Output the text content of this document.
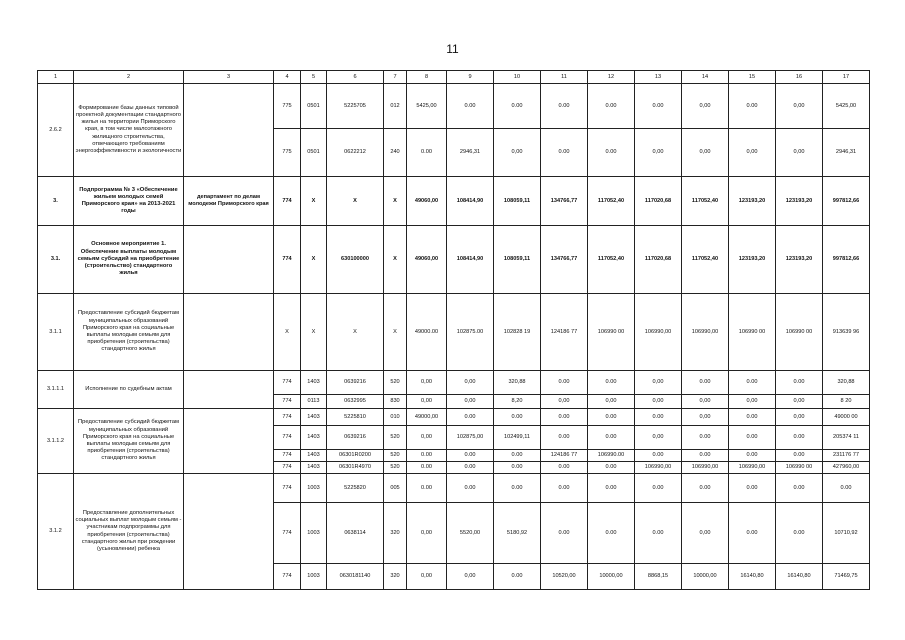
11
1	2	3	4	5	6	7	8	9	10	11	12	13	14	15	16	17
2.6.2	Формирование базы данных типовой проектной документации стандартного жилья на территории Приморского края, в том числе малоэтажного жилищного строительства, отвечающего требованиям энергоэффективности и экологичности		775	0501	5225705	012	5425,00	0.00	0.00	0.00	0.00	0.00	0,00	0.00	0,00	5425,00
			775	0501	0622212	240	0.00	2946,31	0,00	0.00	0.00	0,00	0,00	0,00	0,00	2946,31
3.	Подпрограмма № 3 «Обеспечение жильем молодых семей Приморского края» на 2013-2021 годы	департамент по делам молодежи Приморского края	774	X	X	X	49060,00	108414,90	108059,11	134766,77	117052,40	117020,68	117052,40	123193,20	123193,20	997812,66
3.1.	Основное мероприятие 1. Обеспечение выплаты молодым семьям субсидий на приобретение (строительство) стандартного жилья		774	X	630100000	X	49060,00	108414,90	108059,11	134766,77	117052,40	117020,68	117052,40	123193,20	123193,20	997812,66
3.1.1	Предоставление субсидий бюджетам муниципальных образований Приморского края на социальные выплаты молодым семьям для приобретения (строительства) стандартного жилья		X	X	X	X	49000.00	102875.00	102828 19	124186 77	106990 00	106990,00	106990,00	106990 00	106990 00	913639 96
3.1.1.1	Исполнение по судебным актам		774	1403	0639216	520	0,00	0,00	320,88	0.00	0.00	0,00	0.00	0.00	0.00	320,88
			774	0113	0632995	830	0,00	0,00	8,20	0,00	0,00	0,00	0,00	0,00	0,00	8 20
3.1.1.2	Предоставление субсидий бюджетам муниципальных образований Приморского края на социальные выплаты молодым семьям для приобретения (строительства) стандартного жилья		774	1403	5225810	010	49000,00	0.00	0.00	0.00	0.00	0.00	0,00	0.00	0,00	49000 00
			774	1403	0639216	520	0,00	102875,00	102499,11	0.00	0.00	0,00	0.00	0.00	0.00	205374 11
			774	1403	06301R0200	520	0.00	0.00	0.00	124186 77	106990.00	0.00	0.00	0.00	0.00	231176 77
			774	1403	06301R4970	520	0.00	0.00	0.00	0.00	0.00	106990,00	106990,00	106990,00	106990 00	427960,00
3.1.2	Предоставление дополнительных социальных выплат молодым семьям - участникам подпрограммы для приобретения (строительства) стандартного жилья при рождении (усыновлении) ребенка		774	1003	5225820	005	0.00	0.00	0.00	0.00	0.00	0.00	0.00	0.00	0.00	0.00
			774	1003	0638114	320	0,00	5520,00	5180,92	0.00	0.00	0.00	0,00	0.00	0.00	10710,92
			774	1003	0630181140	320	0,00	0,00	0.00	10520,00	10000,00	8868,15	10000,00	16140,80	16140,80	71469,75
